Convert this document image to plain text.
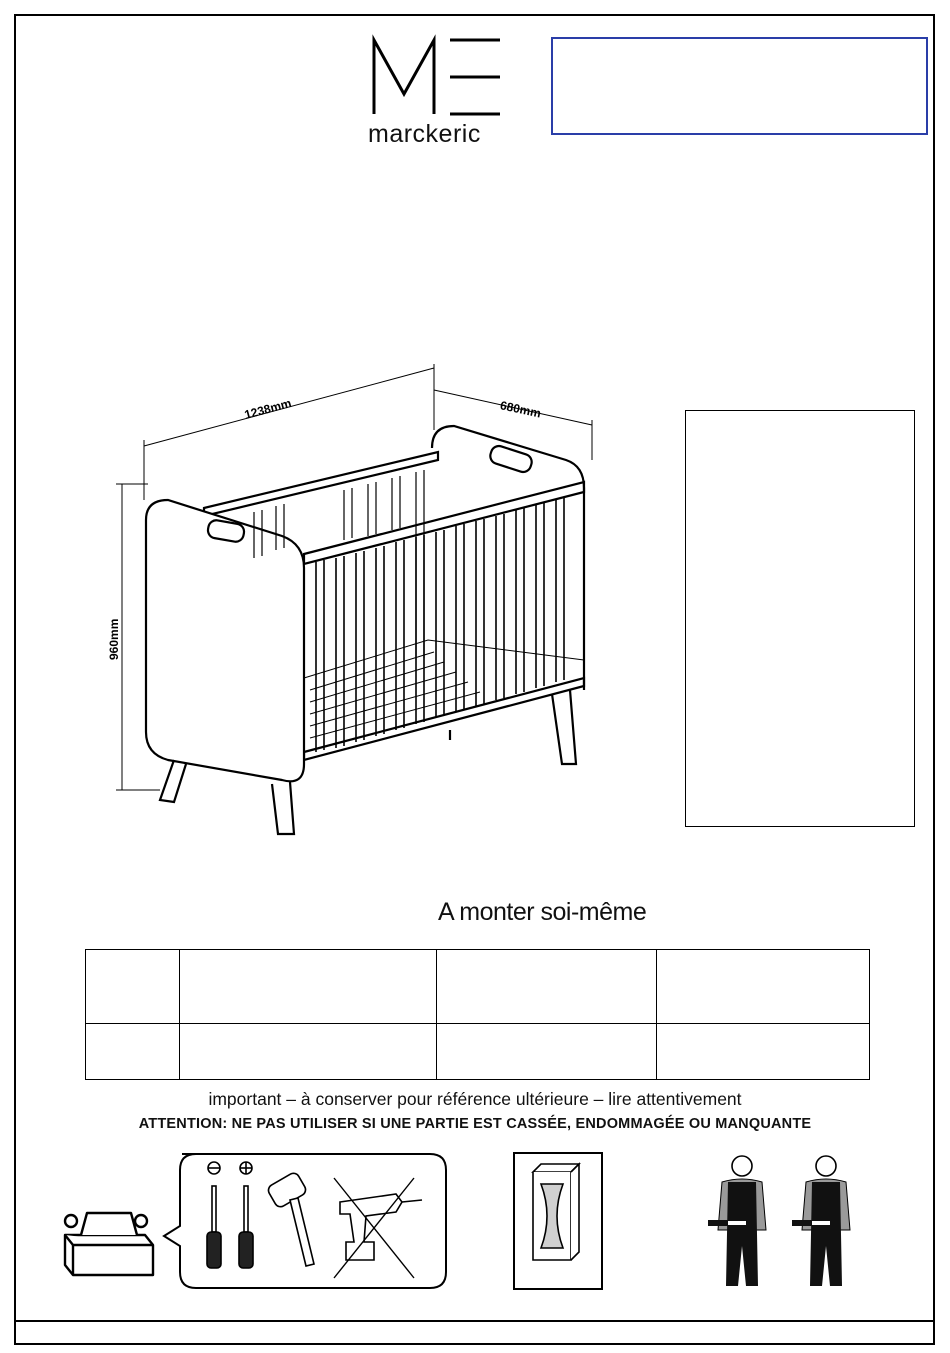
marckeric
1238mm	680mm
960mm
A monter soi-même

important – à conserver pour référence ultérieure – lire attentivement
ATTENTION: NE PAS UTILISER SI UNE PARTIE EST CASSÉE, ENDOMMAGÉE OU MANQUANTE
